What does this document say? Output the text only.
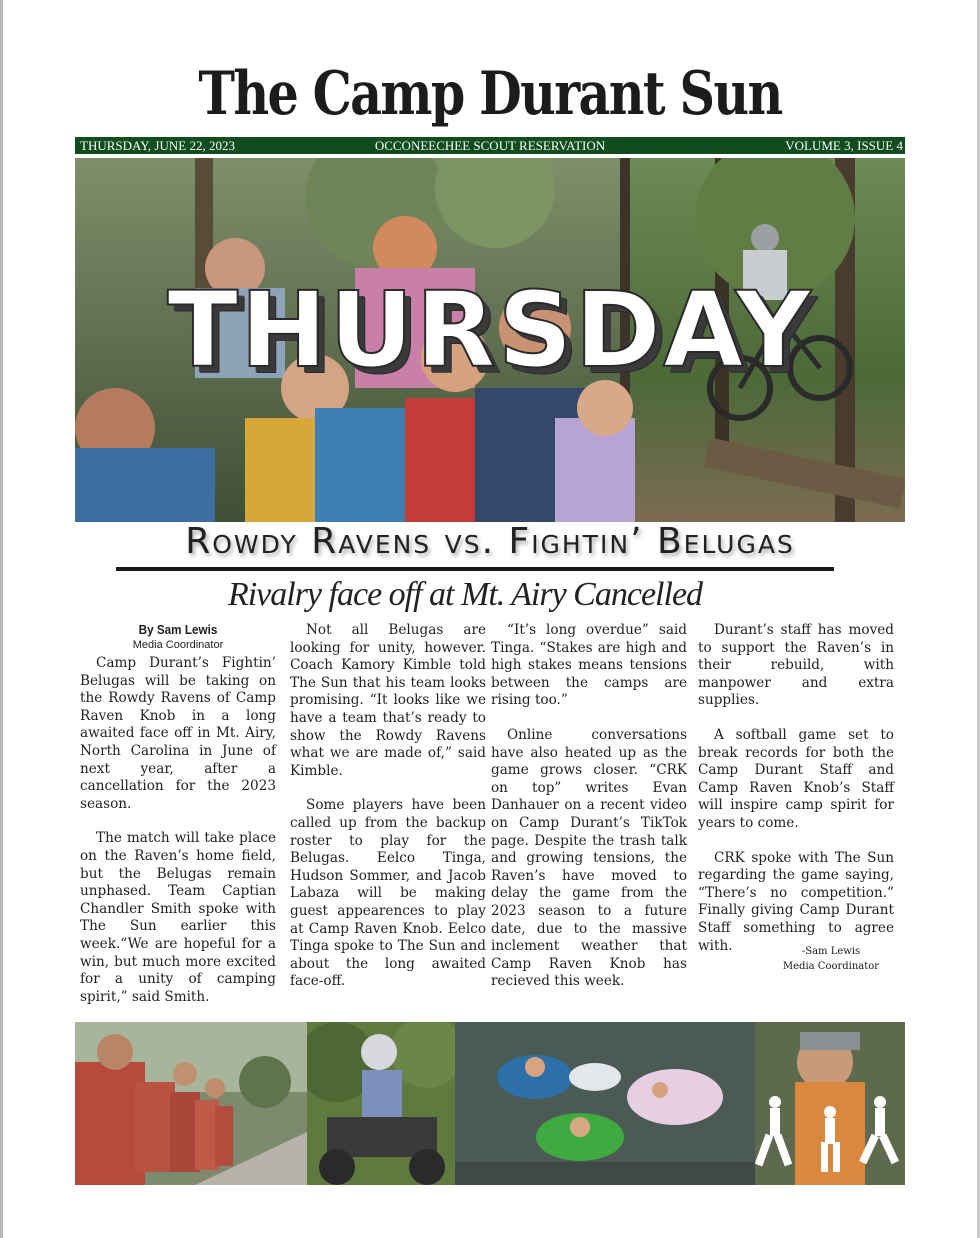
The Camp Durant Sun
OCCONEECHEE SCOUT RESERVATION
THURSDAY, JUNE 22, 2023	VOLUME 3, ISSUE 4
THURSDAY
Rowdy Ravens vs. Fightin’ Belugas
Rivalry face off at Mt. Airy Cancelled
By Sam Lewis
Media Coordinator

Camp Durant’s Fightin’ Belugas will be taking on the Rowdy Ravens of Camp Raven Knob in a long awaited face off in Mt. Airy, North Carolina in June of next year, after a cancellation for the 2023 season.

The match will take place on the Raven’s home field, but the Belugas remain unphased. Team Captian Chandler Smith spoke with The Sun earlier this week.“We are hopeful for a win, but much more excited for a unity of camping spirit,” said Smith.

Not all Belugas are looking for unity, however. Coach Kamory Kimble told The Sun that his team looks promising. “It looks like we have a team that’s ready to show the Rowdy Ravens what we are made of,” said Kimble.

Some players have been called up from the backup roster to play for the Belugas. Eelco Tinga, Hudson Sommer, and Jacob Labaza will be making guest appearences to play at Camp Raven Knob. Eelco Tinga spoke to The Sun and about the long awaited face-off.

“It’s long overdue” said Tinga. “Stakes are high and high stakes means tensions between the camps are rising too.”

Online conversations have also heated up as the game grows closer. “CRK on top” writes Evan Danhauer on a recent video on Camp Durant’s TikTok page. Despite the trash talk and growing tensions, the Raven’s have moved to delay the game from the 2023 season to a future date, due to the massive inclement weather that Camp Raven Knob has recieved this week.

Durant’s staff has moved to support the Raven’s in their rebuild, with manpower and extra supplies.

A softball game set to break records for both the Camp Durant Staff and Camp Raven Knob’s Staff will inspire camp spirit for years to come.

CRK spoke with The Sun regarding the game saying, “There’s no competition.” Finally giving Camp Durant Staff something to agree with.	-Sam Lewis
Media Coordinator
